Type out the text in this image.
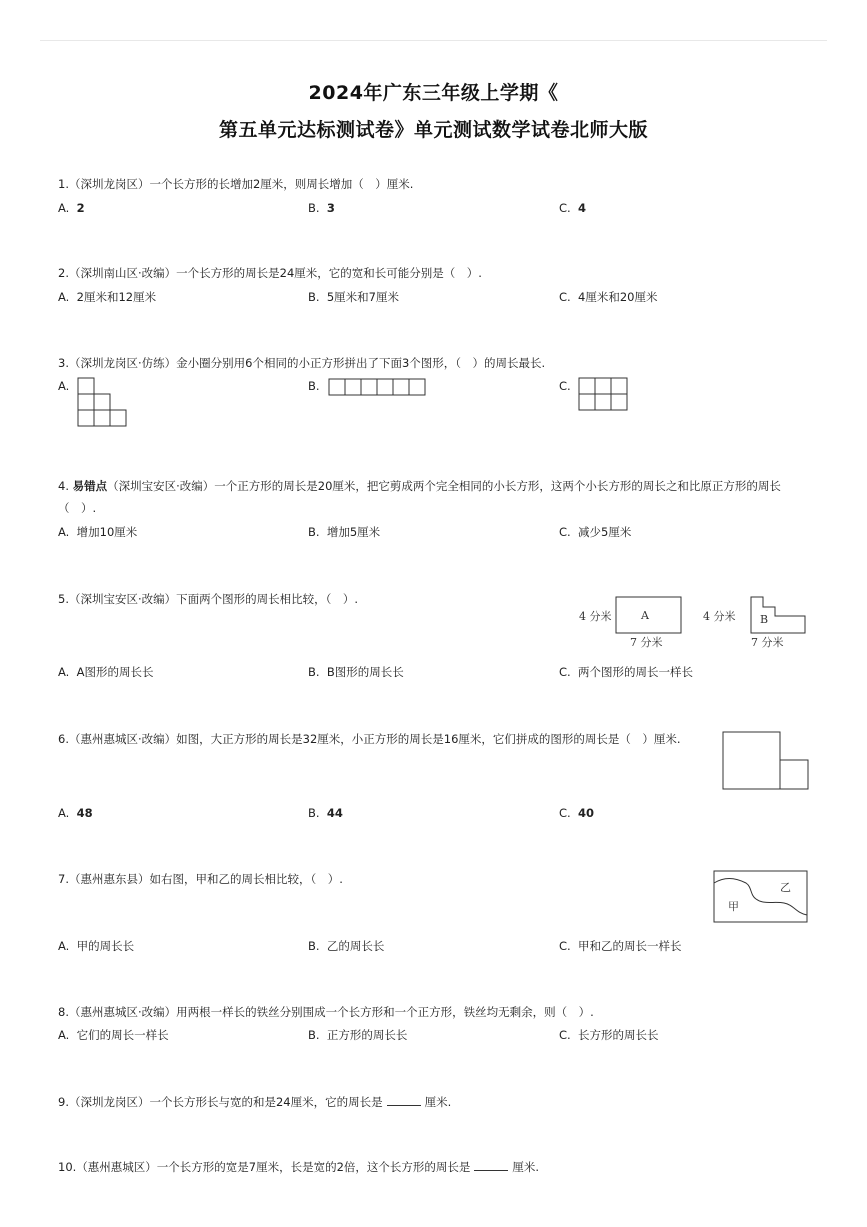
2024年广东三年级上学期《
第五单元达标测试卷》单元测试数学试卷北师大版
1.（深圳龙岗区）一个长方形的长增加2厘米，则周长增加（　）厘米.
A. 2	B. 3	C. 4
2.（深圳南山区·改编）一个长方形的周长是24厘米，它的宽和长可能分别是（　）.
A. 2厘米和12厘米	B. 5厘米和7厘米	C. 4厘米和20厘米
3.（深圳龙岗区·仿练）金小圈分别用6个相同的小正方形拼出了下面3个图形，（　）的周长最长.
A.	B.	C.
4. 易错点（深圳宝安区·改编）一个正方形的周长是20厘米，把它剪成两个完全相同的小长方形，这两个小长方形的周长之和比原正方形的周长（　）.
A. 增加10厘米	B. 增加5厘米	C. 减少5厘米
5.（深圳宝安区·改编）下面两个图形的周长相比较，（　）.
A
4 分米
7 分米
B
4 分米
7 分米
A. A图形的周长长	B. B图形的周长长	C. 两个图形的周长一样长
6.（惠州惠城区·改编）如图，大正方形的周长是32厘米，小正方形的周长是16厘米，它们拼成的图形的周长是（　）厘米.
A. 48	B. 44	C. 40
7.（惠州惠东县）如右图，甲和乙的周长相比较，（　）.
甲
乙
A. 甲的周长长	B. 乙的周长长	C. 甲和乙的周长一样长
8.（惠州惠城区·改编）用两根一样长的铁丝分别围成一个长方形和一个正方形，铁丝均无剩余，则（　）.
A. 它们的周长一样长	B. 正方形的周长长	C. 长方形的周长长
9.（深圳龙岗区）一个长方形长与宽的和是24厘米，它的周长是	厘米.
10.（惠州惠城区）一个长方形的宽是7厘米，长是宽的2倍，这个长方形的周长是	厘米.
